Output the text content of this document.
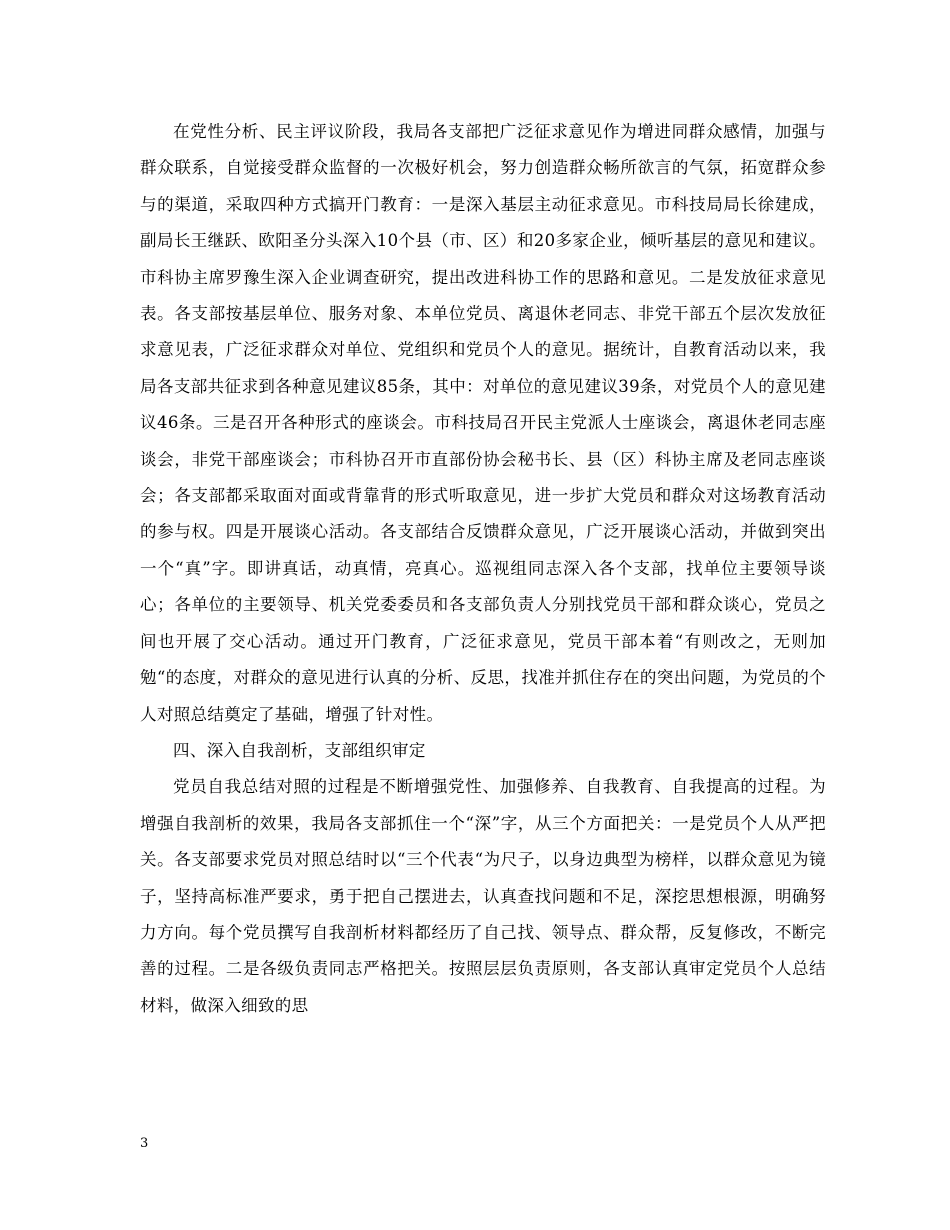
在党性分析、民主评议阶段，我局各支部把广泛征求意见作为增进同群众感情，加强与群众联系，自觉接受群众监督的一次极好机会，努力创造群众畅所欲言的气氛，拓宽群众参与的渠道，采取四种方式搞开门教育：一是深入基层主动征求意见。市科技局局长徐建成，副局长王继跃、欧阳圣分头深入10个县（市、区）和20多家企业，倾听基层的意见和建议。市科协主席罗豫生深入企业调查研究，提出改进科协工作的思路和意见。二是发放征求意见表。各支部按基层单位、服务对象、本单位党员、离退休老同志、非党干部五个层次发放征求意见表，广泛征求群众对单位、党组织和党员个人的意见。据统计，自教育活动以来，我局各支部共征求到各种意见建议85条，其中：对单位的意见建议39条，对党员个人的意见建议46条。三是召开各种形式的座谈会。市科技局召开民主党派人士座谈会，离退休老同志座谈会，非党干部座谈会；市科协召开市直部份协会秘书长、县（区）科协主席及老同志座谈会；各支部都采取面对面或背靠背的形式听取意见，进一步扩大党员和群众对这场教育活动的参与权。四是开展谈心活动。各支部结合反馈群众意见，广泛开展谈心活动，并做到突出一个“真”字。即讲真话，动真情，亮真心。巡视组同志深入各个支部，找单位主要领导谈心；各单位的主要领导、机关党委委员和各支部负责人分别找党员干部和群众谈心，党员之间也开展了交心活动。通过开门教育，广泛征求意见，党员干部本着“有则改之，无则加勉“的态度，对群众的意见进行认真的分析、反思，找准并抓住存在的突出问题，为党员的个人对照总结奠定了基础，增强了针对性。

四、深入自我剖析，支部组织审定

党员自我总结对照的过程是不断增强党性、加强修养、自我教育、自我提高的过程。为增强自我剖析的效果，我局各支部抓住一个“深”字，从三个方面把关：一是党员个人从严把关。各支部要求党员对照总结时以“三个代表“为尺子，以身边典型为榜样，以群众意见为镜子，坚持高标准严要求，勇于把自己摆进去，认真查找问题和不足，深挖思想根源，明确努力方向。每个党员撰写自我剖析材料都经历了自己找、领导点、群众帮，反复修改，不断完善的过程。二是各级负责同志严格把关。按照层层负责原则，各支部认真审定党员个人总结材料，做深入细致的思

3
